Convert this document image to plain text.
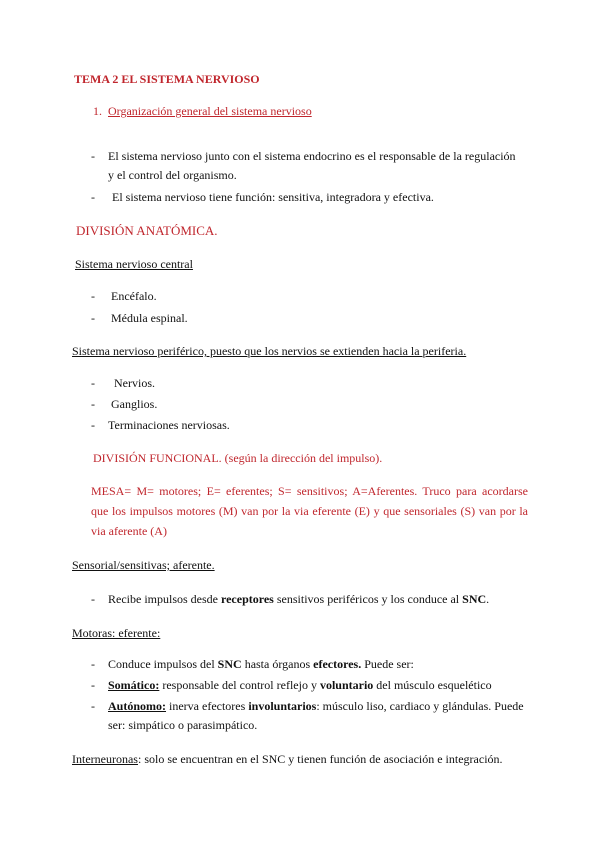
TEMA 2 EL SISTEMA NERVIOSO
1. Organización general del sistema nervioso
- El sistema nervioso junto con el sistema endocrino es el responsable de la regulación
y el control del organismo.
- El sistema nervioso tiene función: sensitiva, integradora y efectiva.
DIVISIÓN ANATÓMICA.
Sistema nervioso central
- Encéfalo.
- Médula espinal.
Sistema nervioso periférico, puesto que los nervios se extienden hacia la periferia.
- Nervios.
- Ganglios.
- Terminaciones nerviosas.
DIVISIÓN FUNCIONAL. (según la dirección del impulso).
MESA= M= motores; E= eferentes; S= sensitivos; A=Aferentes. Truco para acordarse
que los impulsos motores (M) van por la via eferente (E) y que sensoriales (S) van por la
via aferente (A)
Sensorial/sensitivas; aferente.
- Recibe impulsos desde receptores sensitivos periféricos y los conduce al SNC.
Motoras: eferente:
- Conduce impulsos del SNC hasta órganos efectores. Puede ser:
- Somático: responsable del control reflejo y voluntario del músculo esquelético
- Autónomo: inerva efectores involuntarios: músculo liso, cardiaco y glándulas. Puede
ser: simpático o parasimpático.
Interneuronas: solo se encuentran en el SNC y tienen función de asociación e integración.
